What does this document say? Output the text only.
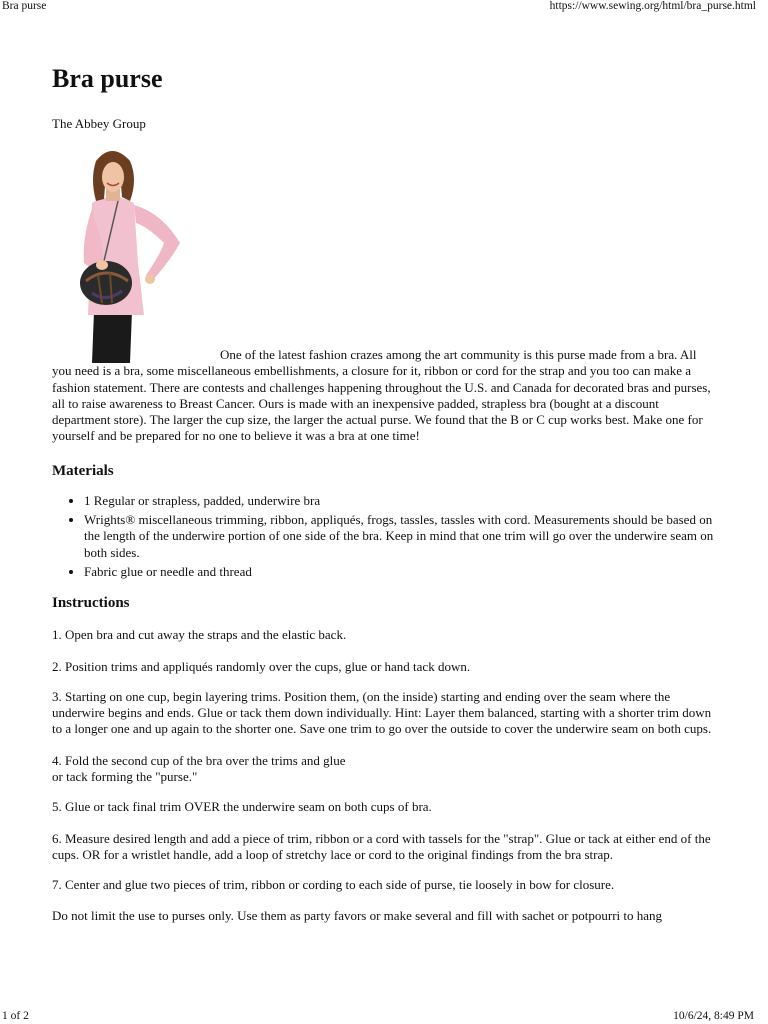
Bra purse	https://www.sewing.org/html/bra_purse.html
Bra purse
The Abbey Group
One of the latest fashion crazes among the art community is this purse made from a bra. All you need is a bra, some miscellaneous embellishments, a closure for it, ribbon or cord for the strap and you too can make a fashion statement. There are contests and challenges happening throughout the U.S. and Canada for decorated bras and purses, all to raise awareness to Breast Cancer. Ours is made with an inexpensive padded, strapless bra (bought at a discount department store). The larger the cup size, the larger the actual purse. We found that the B or C cup works best. Make one for yourself and be prepared for no one to believe it was a bra at one time!
Materials
• 1 Regular or strapless, padded, underwire bra
• Wrights® miscellaneous trimming, ribbon, appliqués, frogs, tassles, tassles with cord. Measurements should be based on the length of the underwire portion of one side of the bra. Keep in mind that one trim will go over the underwire seam on both sides.
• Fabric glue or needle and thread
Instructions

1. Open bra and cut away the straps and the elastic back.

2. Position trims and appliqués randomly over the cups, glue or hand tack down.

3. Starting on one cup, begin layering trims. Position them, (on the inside) starting and ending over the seam where the underwire begins and ends. Glue or tack them down individually. Hint: Layer them balanced, starting with a shorter trim down to a longer one and up again to the shorter one. Save one trim to go over the outside to cover the underwire seam on both cups.

4. Fold the second cup of the bra over the trims and glue
or tack forming the "purse."

5. Glue or tack final trim OVER the underwire seam on both cups of bra.

6. Measure desired length and add a piece of trim, ribbon or a cord with tassels for the "strap". Glue or tack at either end of the cups. OR for a wristlet handle, add a loop of stretchy lace or cord to the original findings from the bra strap.

7. Center and glue two pieces of trim, ribbon or cording to each side of purse, tie loosely in bow for closure.

Do not limit the use to purses only. Use them as party favors or make several and fill with sachet or potpourri to hang

1 of 2	10/6/24, 8:49 PM
